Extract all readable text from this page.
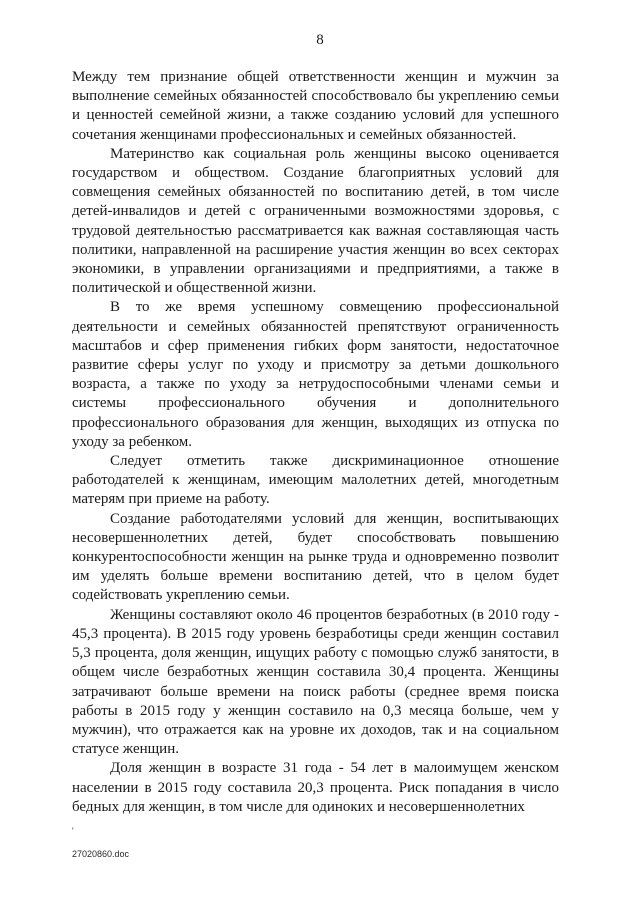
8

Между тем признание общей ответственности женщин и мужчин за выполнение семейных обязанностей способствовало бы укреплению семьи и ценностей семейной жизни, а также созданию условий для успешного сочетания женщинами профессиональных и семейных обязанностей.

Материнство как социальная роль женщины высоко оценивается государством и обществом. Создание благоприятных условий для совмещения семейных обязанностей по воспитанию детей, в том числе детей-инвалидов и детей с ограниченными возможностями здоровья, с трудовой деятельностью рассматривается как важная составляющая часть политики, направленной на расширение участия женщин во всех секторах экономики, в управлении организациями и предприятиями, а также в политической и общественной жизни.

В то же время успешному совмещению профессиональной деятельности и семейных обязанностей препятствуют ограниченность масштабов и сфер применения гибких форм занятости, недостаточное развитие сферы услуг по уходу и присмотру за детьми дошкольного возраста, а также по уходу за нетрудоспособными членами семьи и системы профессионального обучения и дополнительного профессионального образования для женщин, выходящих из отпуска по уходу за ребенком.

Следует отметить также дискриминационное отношение работодателей к женщинам, имеющим малолетних детей, многодетным матерям при приеме на работу.

Создание работодателями условий для женщин, воспитывающих несовершеннолетних детей, будет способствовать повышению конкурентоспособности женщин на рынке труда и одновременно позволит им уделять больше времени воспитанию детей, что в целом будет содействовать укреплению семьи.

Женщины составляют около 46 процентов безработных (в 2010 году - 45,3 процента). В 2015 году уровень безработицы среди женщин составил 5,3 процента, доля женщин, ищущих работу с помощью служб занятости, в общем числе безработных женщин составила 30,4 процента. Женщины затрачивают больше времени на поиск работы (среднее время поиска работы в 2015 году у женщин составило на 0,3 месяца больше, чем у мужчин), что отражается как на уровне их доходов, так и на социальном статусе женщин.

Доля женщин в возрасте 31 года - 54 лет в малоимущем женском населении в 2015 году составила 20,3 процента. Риск попадания в число бедных для женщин, в том числе для одиноких и несовершеннолетних

'
27020860.doc
